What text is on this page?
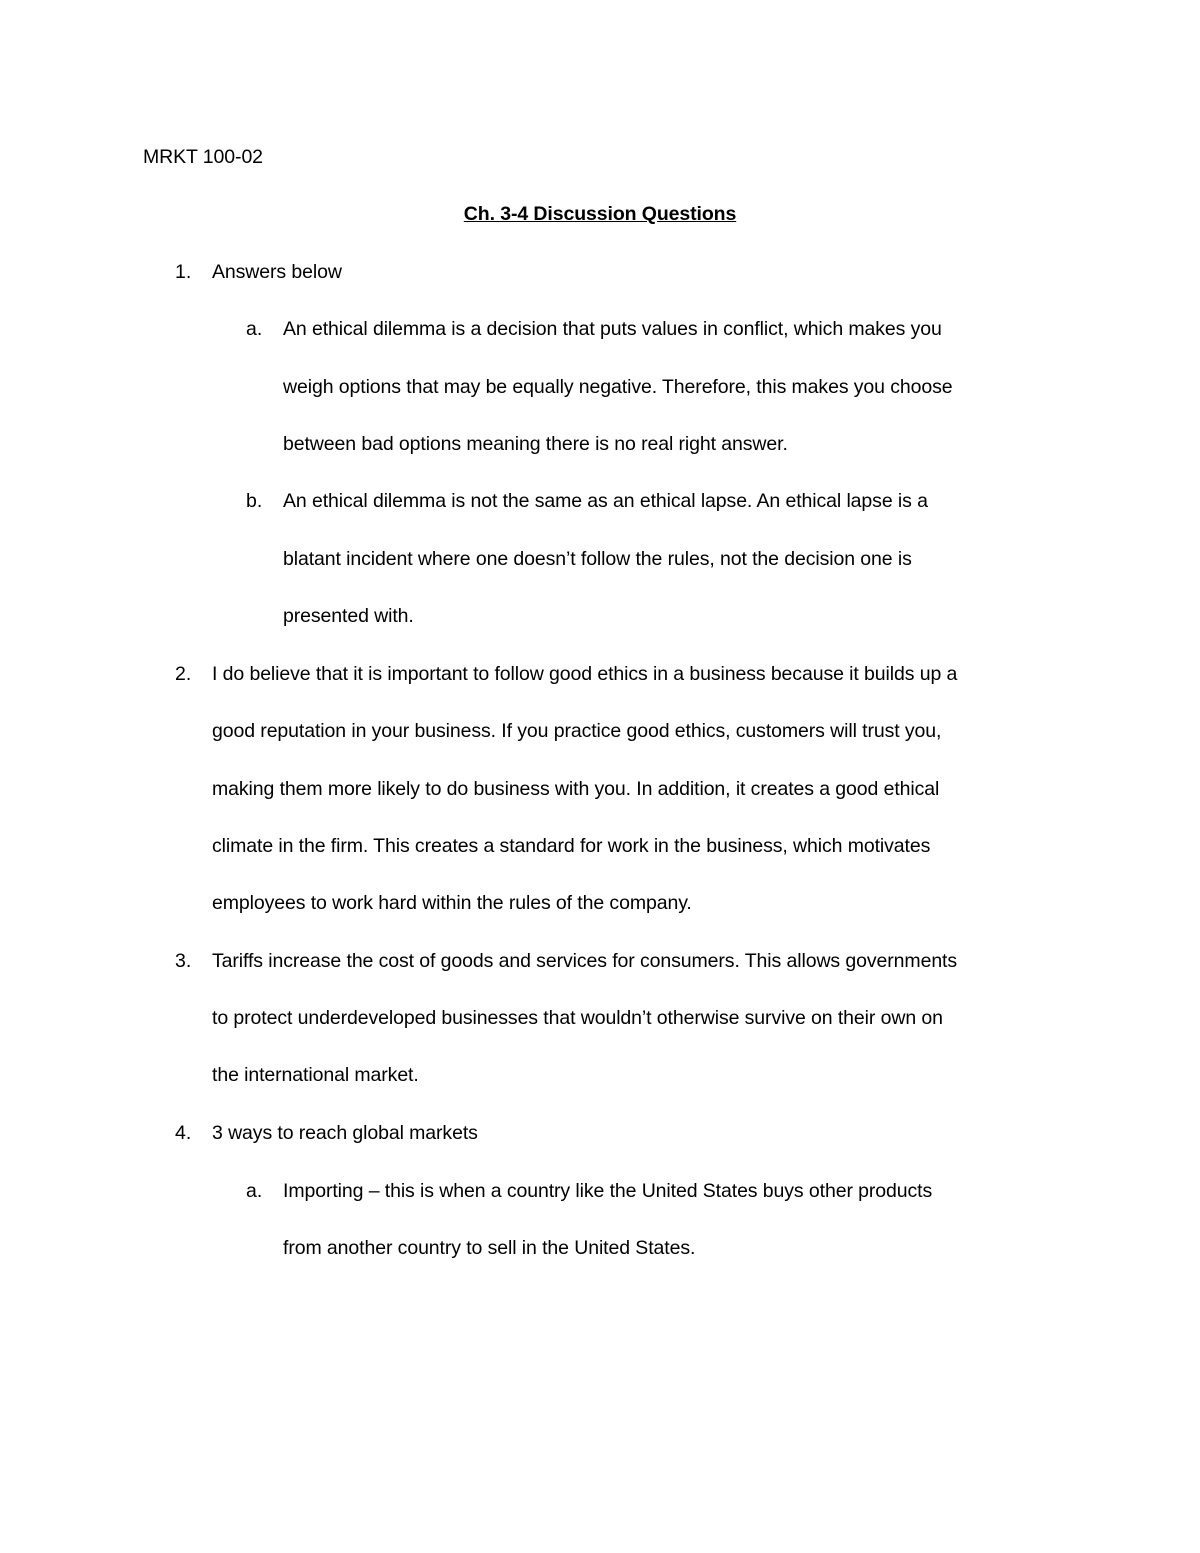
MRKT 100-02
Ch. 3-4 Discussion Questions
1. Answers below
a. An ethical dilemma is a decision that puts values in conflict, which makes you
weigh options that may be equally negative. Therefore, this makes you choose
between bad options meaning there is no real right answer.
b. An ethical dilemma is not the same as an ethical lapse. An ethical lapse is a
blatant incident where one doesn’t follow the rules, not the decision one is
presented with.
2. I do believe that it is important to follow good ethics in a business because it builds up a
good reputation in your business. If you practice good ethics, customers will trust you,
making them more likely to do business with you. In addition, it creates a good ethical
climate in the firm. This creates a standard for work in the business, which motivates
employees to work hard within the rules of the company.
3. Tariffs increase the cost of goods and services for consumers. This allows governments
to protect underdeveloped businesses that wouldn’t otherwise survive on their own on
the international market.
4. 3 ways to reach global markets
a. Importing – this is when a country like the United States buys other products
from another country to sell in the United States.
